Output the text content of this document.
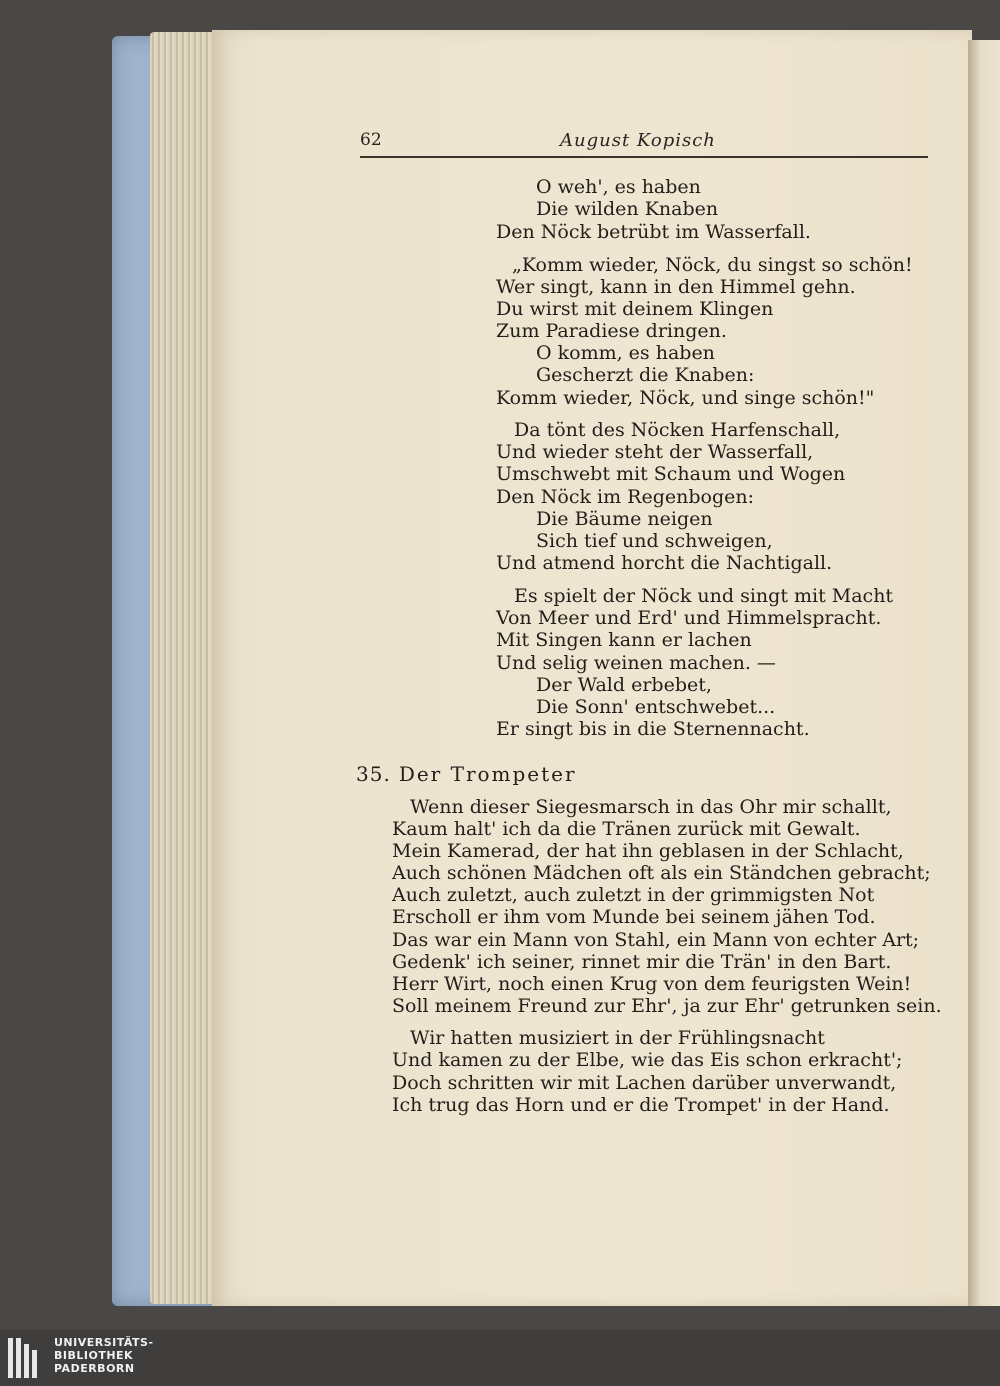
62	August Kopisch
O weh', es haben
Die wilden Knaben
Den Nöck betrübt im Wasserfall.
„Komm wieder, Nöck, du singst so schön!
Wer singt, kann in den Himmel gehn.
Du wirst mit deinem Klingen
Zum Paradiese dringen.
O komm, es haben
Gescherzt die Knaben:
Komm wieder, Nöck, und singe schön!"
Da tönt des Nöcken Harfenschall,
Und wieder steht der Wasserfall,
Umschwebt mit Schaum und Wogen
Den Nöck im Regenbogen:
Die Bäume neigen
Sich tief und schweigen,
Und atmend horcht die Nachtigall.
Es spielt der Nöck und singt mit Macht
Von Meer und Erd' und Himmelspracht.
Mit Singen kann er lachen
Und selig weinen machen. —
Der Wald erbebet,
Die Sonn' entschwebet...
Er singt bis in die Sternennacht.
35. Der Trompeter
Wenn dieser Siegesmarsch in das Ohr mir schallt,
Kaum halt' ich da die Tränen zurück mit Gewalt.
Mein Kamerad, der hat ihn geblasen in der Schlacht,
Auch schönen Mädchen oft als ein Ständchen gebracht;
Auch zuletzt, auch zuletzt in der grimmigsten Not
Erscholl er ihm vom Munde bei seinem jähen Tod.
Das war ein Mann von Stahl, ein Mann von echter Art;
Gedenk' ich seiner, rinnet mir die Trän' in den Bart.
Herr Wirt, noch einen Krug von dem feurigsten Wein!
Soll meinem Freund zur Ehr', ja zur Ehr' getrunken sein.
Wir hatten musiziert in der Frühlingsnacht
Und kamen zu der Elbe, wie das Eis schon erkracht';
Doch schritten wir mit Lachen darüber unverwandt,
Ich trug das Horn und er die Trompet' in der Hand.
UNIVERSITÄTS-
BIBLIOTHEK
PADERBORN
